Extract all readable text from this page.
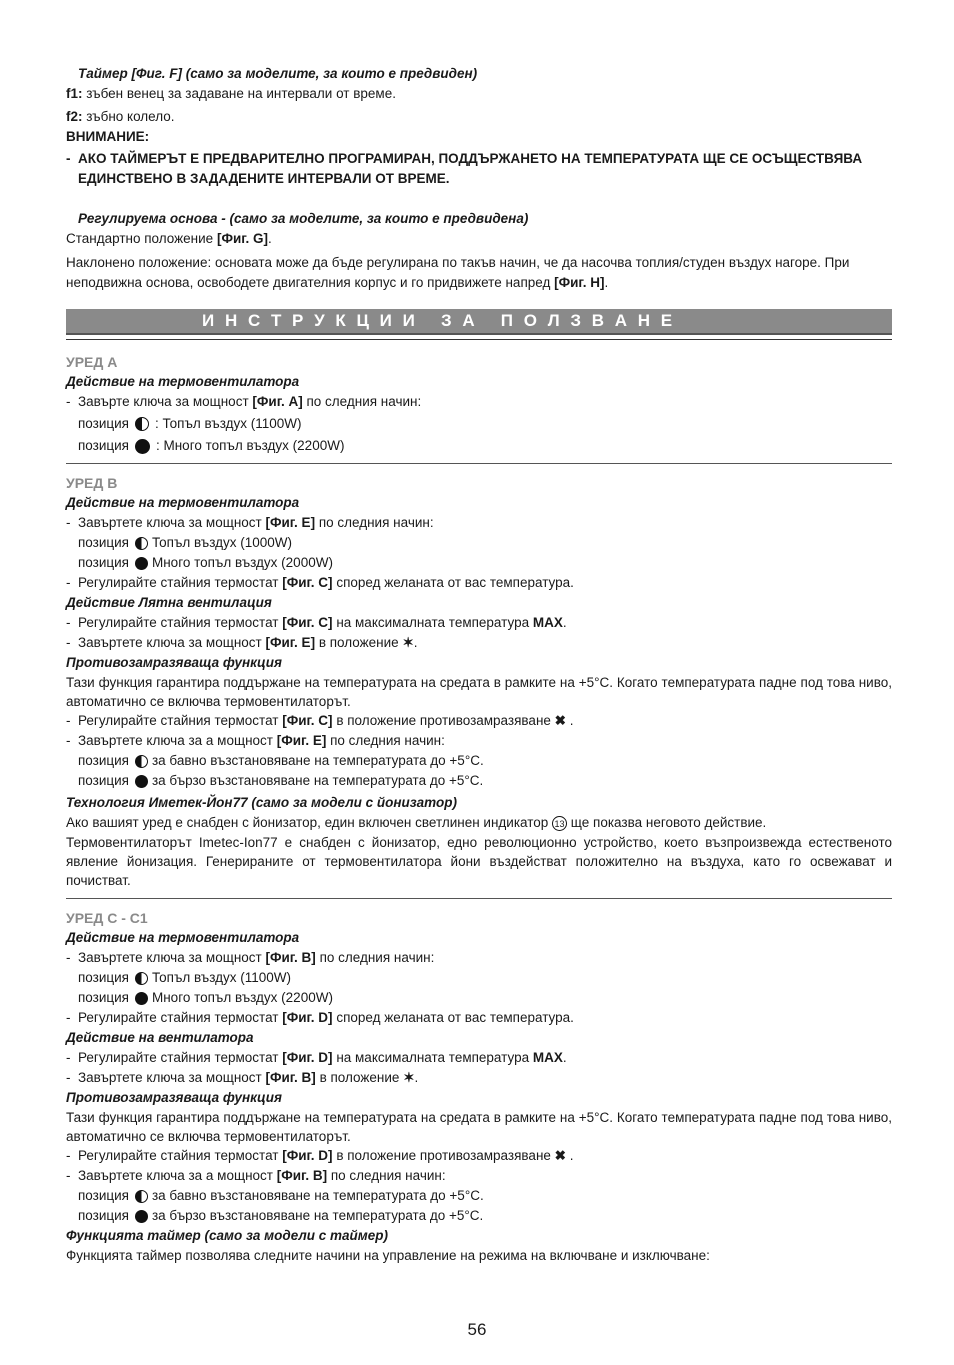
Таймер [Фиг. F] (само за моделите, за които е предвиден)

f1: зъбен венец за задаване на интервали от време.

f2: зъбно колело.

ВНИМАНИЕ:

- АКО ТАЙМЕРЪТ Е ПРЕДВАРИТЕЛНО ПРОГРАМИРАН, ПОДДЪРЖАНЕТО НА ТЕМПЕРАТУРАТА ЩЕ СЕ ОСЪЩЕСТВЯВА ЕДИНСТВЕНО В ЗАДАДЕНИТЕ ИНТЕРВАЛИ ОТ ВРЕМЕ.

Регулируема основа - (само за моделите, за които е предвидена)

Стандартно положение [Фиг. G].

Наклонено положение: основата може да бъде регулирана по такъв начин, че да насочва топлия/студен въздух нагоре. При неподвижна основа, освободете двигателния корпус и го придвижете напред [Фиг. H].

И Н С Т Р У К Ц И И   З А   П О Л З В А Н Е

УРЕД А

Действие на термовентилатора

- Завърте ключа за мощност [Фиг. А] по следния начин:
позиция : Топъл въздух (1100W)
позиция : Много топъл въздух (2200W)

УРЕД В

Действие на термовентилатора

- Завъртете ключа за мощност [Фиг. Е] по следния начин:
позиция Топъл въздух (1000W)
позиция Много топъл въздух (2000W)
- Регулирайте стайния термостат [Фиг. С] според желаната от вас температура.

Действие Лятна вентилация

- Регулирайте стайния термостат [Фиг. С] на максималната температура MAX.
- Завъртете ключа за мощност [Фиг. Е] в положение ✶.

Противозамразяваща функция

Тази функция гарантира поддържане на температурата на средата в рамките на +5°С. Когато температурата падне под това ниво, автоматично се включва термовентилаторът.

- Регулирайте стайния термостат [Фиг. С] в положение противозамразяване ✖ .
- Завъртете ключа за а мощност [Фиг. Е] по следния начин:
позиция за бавно възстановяване на температурата до +5°С.
позиция за бързо възстановяване на температурата до +5°С.

Технология Иметек-Йон77 (само за модели с йонизатор)

Ако вашият уред е снабден с йонизатор, един включен светлинен индикатор 13 ще показва неговото действие.

Термовентилаторът Imetec-Ion77 е снабден с йонизатор, едно революционно устройство, което възпроизвежда естественото явление йонизация. Генерираните от термовентилатора йони въздействат положително на въздуха, като го освежават и почистват.

УРЕД С - С1

Действие на термовентилатора

- Завъртете ключа за мощност [Фиг. В] по следния начин:
позиция Топъл въздух (1100W)
позиция Много топъл въздух (2200W)
- Регулирайте стайния термостат [Фиг. D] според желаната от вас температура.

Действие на вентилатора

- Регулирайте стайния термостат [Фиг. D] на максималната температура MAX.
- Завъртете ключа за мощност [Фиг. В] в положение ✶.

Противозамразяваща функция

Тази функция гарантира поддържане на температурата на средата в рамките на +5°С. Когато температурата падне под това ниво, автоматично се включва термовентилаторът.

- Регулирайте стайния термостат [Фиг. D] в положение противозамразяване ✖ .
- Завъртете ключа за а мощност [Фиг. В] по следния начин:
позиция за бавно възстановяване на температурата до +5°С.
позиция за бързо възстановяване на температурата до +5°С.

Функцията таймер (само за модели с таймер)

Функцията таймер позволява следните начини на управление на режима на включване и изключване:

56
